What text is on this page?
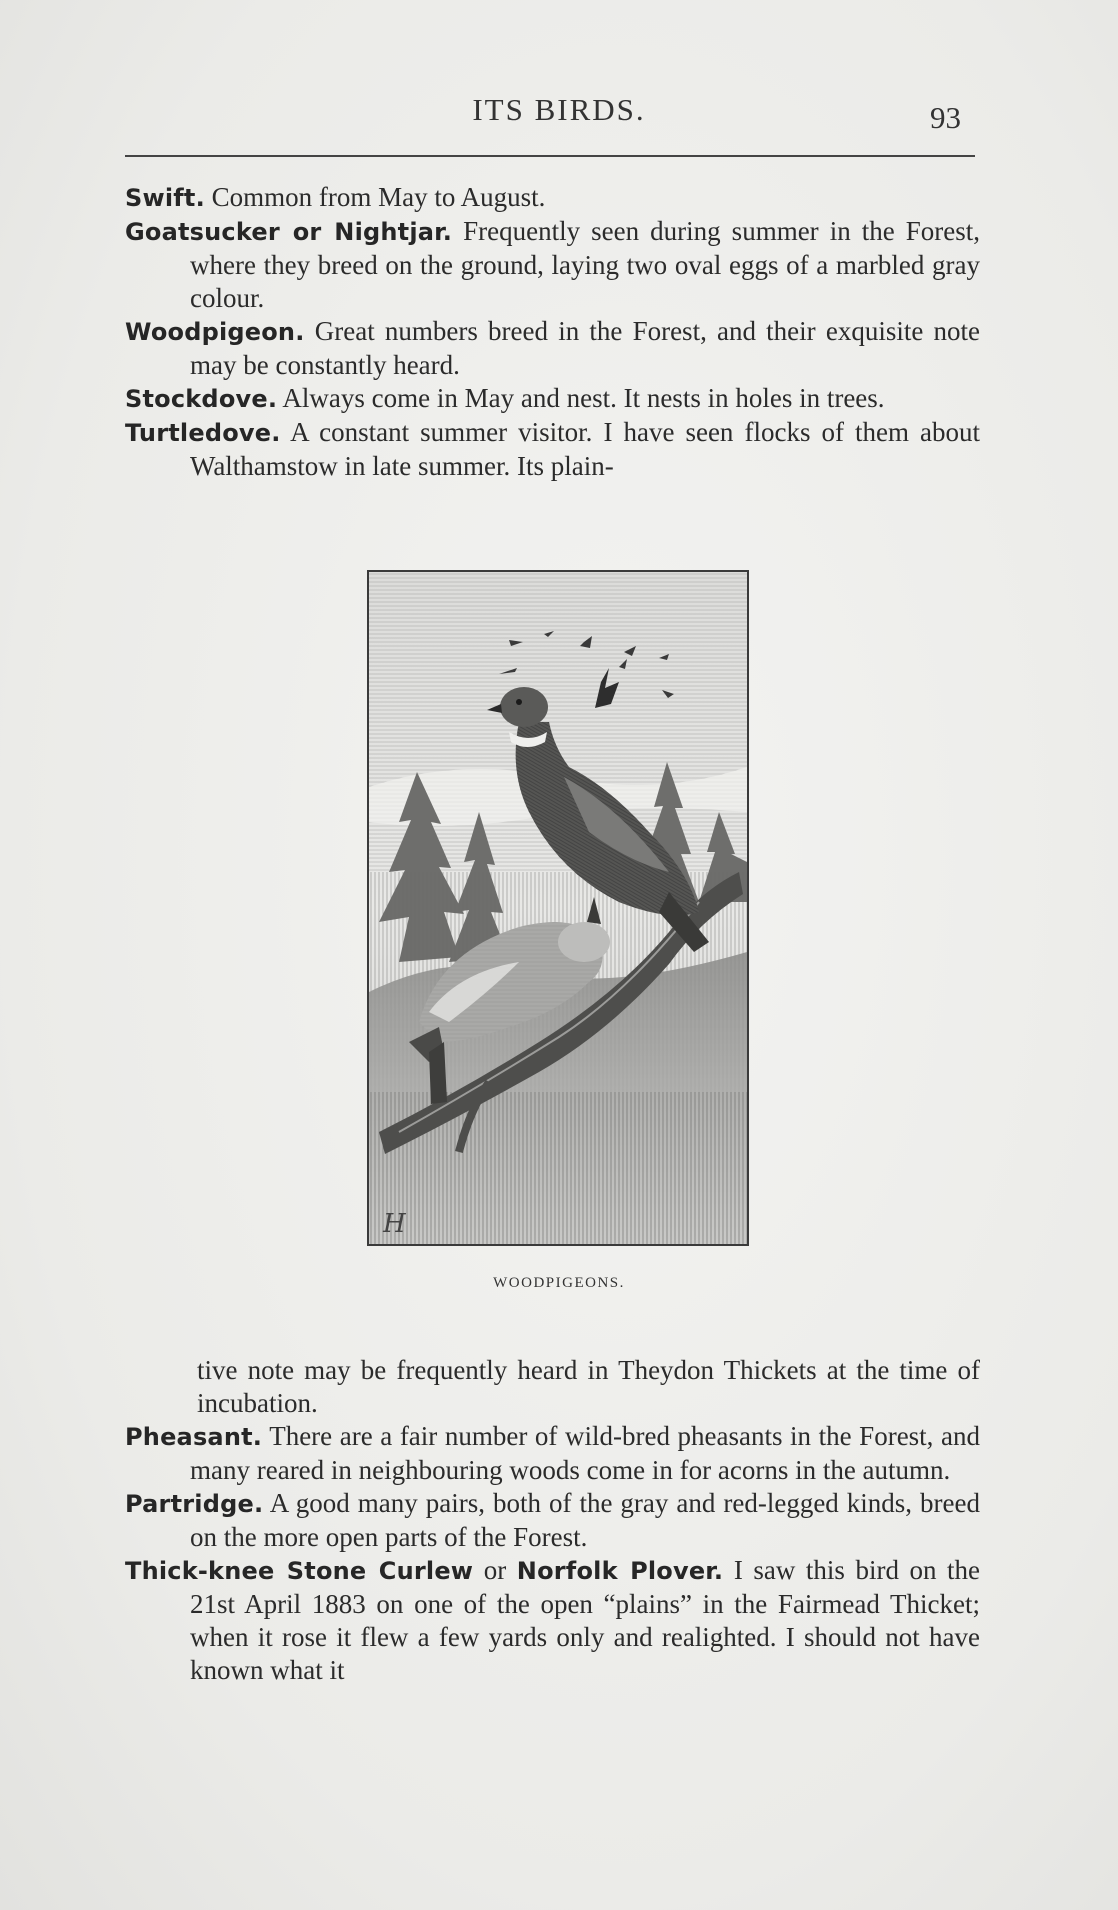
ITS BIRDS.	93

Swift. Common from May to August.

Goatsucker or Nightjar. Frequently seen during summer in the Forest, where they breed on the ground, laying two oval eggs of a marbled gray colour.

Woodpigeon. Great numbers breed in the Forest, and their exquisite note may be constantly heard.

Stockdove. Always come in May and nest. It nests in holes in trees.

Turtledove. A constant summer visitor. I have seen flocks of them about Walthamstow in late summer. Its plain-

H
WOODPIGEONS.

tive note may be frequently heard in Theydon Thickets at the time of incubation.

Pheasant. There are a fair number of wild-bred pheasants in the Forest, and many reared in neighbouring woods come in for acorns in the autumn.

Partridge. A good many pairs, both of the gray and red-legged kinds, breed on the more open parts of the Forest.

Thick-knee Stone Curlew or Norfolk Plover. I saw this bird on the 21st April 1883 on one of the open “plains” in the Fairmead Thicket; when it rose it flew a few yards only and realighted. I should not have known what it
